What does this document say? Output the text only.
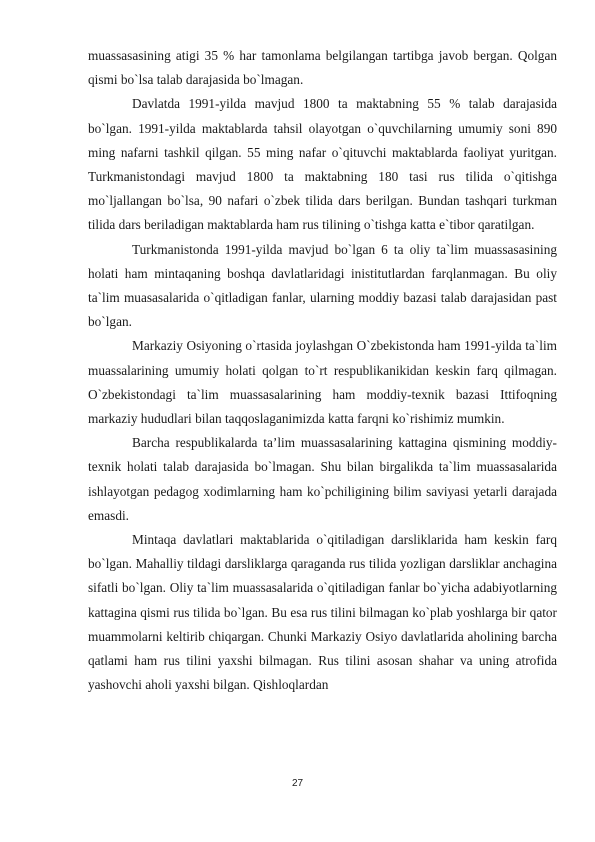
muassasasining atigi 35 % har tamonlama belgilangan tartibga javob bergan. Qolgan qismi bo`lsa talab darajasida bo`lmagan.

Davlatda 1991-yilda mavjud 1800 ta maktabning 55 % talab darajasida bo`lgan. 1991-yilda maktablarda tahsil olayotgan o`quvchilarning umumiy soni 890 ming nafarni tashkil qilgan. 55 ming nafar o`qituvchi maktablarda faoliyat yuritgan. Turkmanistondagi mavjud 1800 ta maktabning 180 tasi rus tilida o`qitishga mo`ljallangan bo`lsa, 90 nafari o`zbek tilida dars berilgan. Bundan tashqari turkman tilida dars beriladigan maktablarda ham rus tilining o`tishga katta e`tibor qaratilgan.

Turkmanistonda 1991-yilda mavjud bo`lgan 6 ta oliy ta`lim muassasasining holati ham mintaqaning boshqa davlatlaridagi inistitutlardan farqlanmagan. Bu oliy ta`lim muasasalarida o`qitladigan fanlar, ularning moddiy bazasi talab darajasidan past bo`lgan.

Markaziy Osiyoning o`rtasida joylashgan O`zbekistonda ham 1991-yilda ta`lim muassalarining umumiy holati qolgan to`rt respublikanikidan keskin farq qilmagan. O`zbekistondagi ta`lim muassasalarining ham moddiy-texnik bazasi Ittifoqning markaziy hududlari bilan taqqoslaganimizda katta farqni ko`rishimiz mumkin.

Barcha respublikalarda ta’lim muassasalarining kattagina qismining moddiy-texnik holati talab darajasida bo`lmagan. Shu bilan birgalikda ta`lim muassasalarida ishlayotgan pedagog xodimlarning ham ko`pchiligining bilim saviyasi yetarli darajada emasdi.

Mintaqa davlatlari maktablarida o`qitiladigan darsliklarida ham keskin farq bo`lgan. Mahalliy tildagi darsliklarga qaraganda rus tilida yozligan darsliklar anchagina sifatli bo`lgan. Oliy ta`lim muassasalarida o`qitiladigan fanlar bo`yicha adabiyotlarning kattagina qismi rus tilida bo`lgan. Bu esa rus tilini bilmagan ko`plab yoshlarga bir qator muammolarni keltirib chiqargan. Chunki Markaziy Osiyo davlatlarida aholining barcha qatlami ham rus tilini yaxshi bilmagan. Rus tilini asosan shahar va uning atrofida yashovchi aholi yaxshi bilgan. Qishloqlardan

27
